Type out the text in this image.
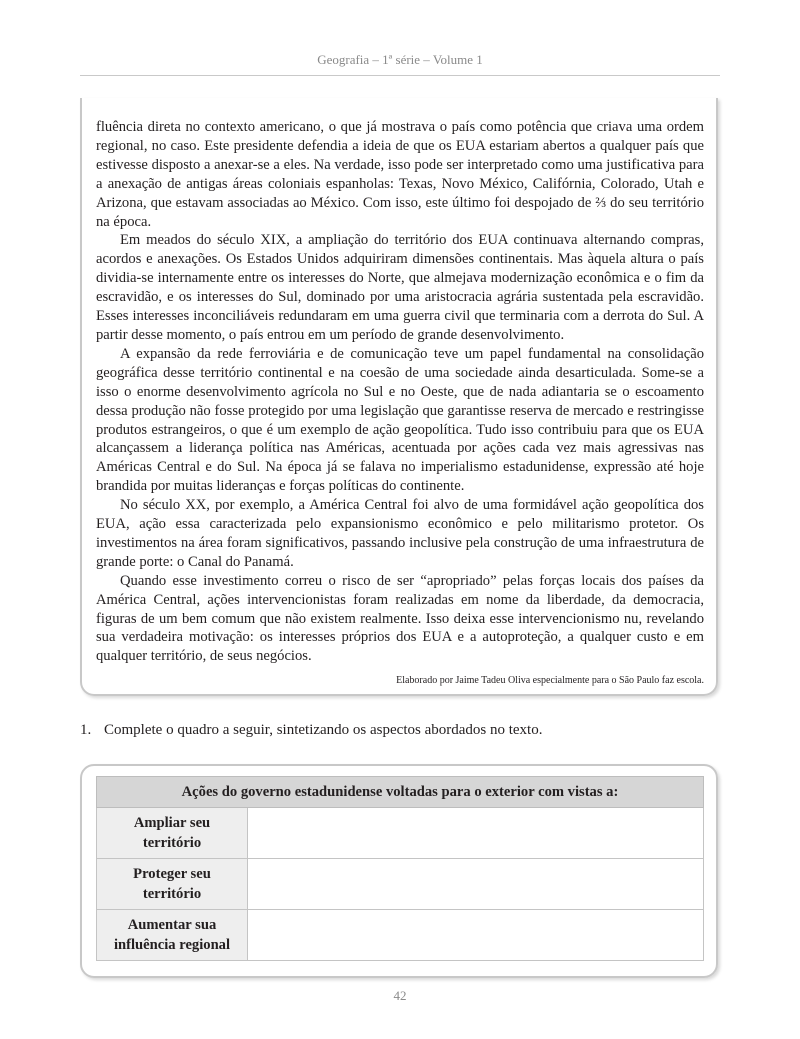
Geografia – 1ª série – Volume 1

fluência direta no contexto americano, o que já mostrava o país como potência que criava uma ordem regional, no caso. Este presidente defendia a ideia de que os EUA estariam abertos a qualquer país que estivesse disposto a anexar-se a eles. Na verdade, isso pode ser interpretado como uma justificativa para a anexação de antigas áreas coloniais espanholas: Texas, Novo México, Califórnia, Colorado, Utah e Arizona, que estavam associadas ao México. Com isso, este último foi despojado de ⅔ do seu território na época.

Em meados do século XIX, a ampliação do território dos EUA continuava alternando compras, acordos e anexações. Os Estados Unidos adquiriram dimensões continentais. Mas àquela altura o país dividia-se internamente entre os interesses do Norte, que almejava modernização econômica e o fim da escravidão, e os interesses do Sul, dominado por uma aristocracia agrária sustentada pela escravidão. Esses interesses inconciliáveis redundaram em uma guerra civil que terminaria com a derrota do Sul. A partir desse momento, o país entrou em um período de grande desenvolvimento.

A expansão da rede ferroviária e de comunicação teve um papel fundamental na consolidação geográfica desse território continental e na coesão de uma sociedade ainda desarticulada. Some-se a isso o enorme desenvolvimento agrícola no Sul e no Oeste, que de nada adiantaria se o escoamento dessa produção não fosse protegido por uma legislação que garantisse reserva de mercado e restringisse produtos estrangeiros, o que é um exemplo de ação geopolítica. Tudo isso contribuiu para que os EUA alcançassem a liderança política nas Américas, acentuada por ações cada vez mais agressivas nas Américas Central e do Sul. Na época já se falava no imperialismo estadunidense, expressão até hoje brandida por muitas lideranças e forças políticas do continente.

No século XX, por exemplo, a América Central foi alvo de uma formidável ação geopolítica dos EUA, ação essa caracterizada pelo expansionismo econômico e pelo militarismo protetor. Os investimentos na área foram significativos, passando inclusive pela construção de uma infraestrutura de grande porte: o Canal do Panamá.

Quando esse investimento correu o risco de ser “apropriado” pelas forças locais dos países da América Central, ações intervencionistas foram realizadas em nome da liberdade, da democracia, figuras de um bem comum que não existem realmente. Isso deixa esse intervencionismo nu, revelando sua verdadeira motivação: os interesses próprios dos EUA e a autoproteção, a qualquer custo e em qualquer território, de seus negócios.

Elaborado por Jaime Tadeu Oliva especialmente para o São Paulo faz escola.
1. Complete o quadro a seguir, sintetizando os aspectos abordados no texto.
Ações do governo estadunidense voltadas para o exterior com vistas a:	
Ampliar seu território	
Proteger seu território	
Aumentar sua influência regional	
42
